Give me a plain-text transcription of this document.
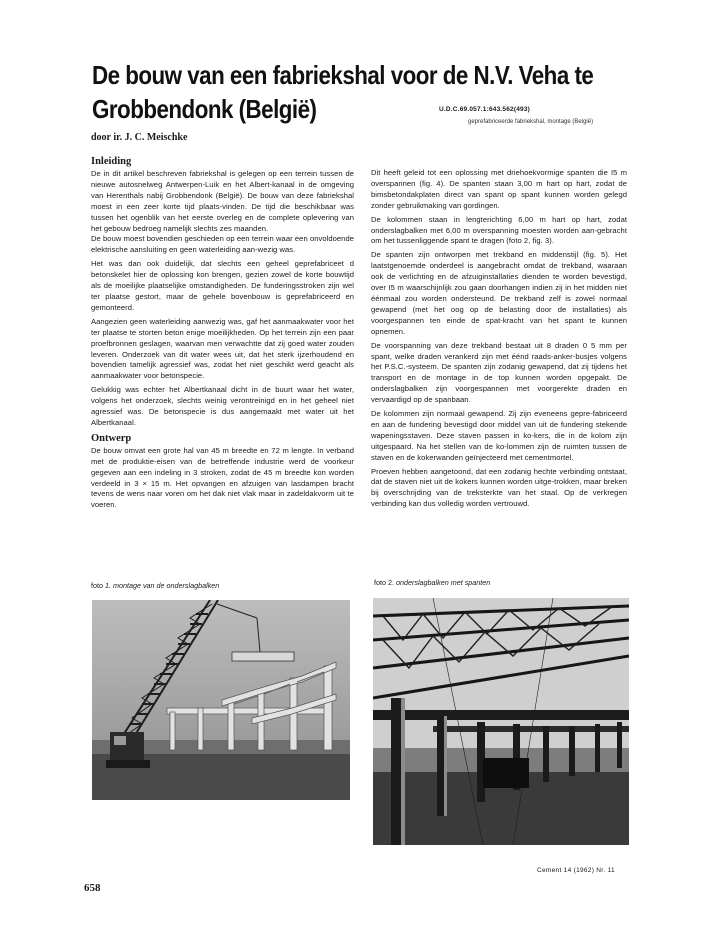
De bouw van een fabriekshal voor de N.V. Veha te
Grobbendonk (België)	U.D.C.69.057.1:643.562(493)
geprefabriceerde fabriekshal, montage (België)
door ir. J. C. Meischke
Inleiding
De in dit artikel beschreven fabriekshal is gelegen op een terrein tussen de nieuwe autosnelweg Antwerpen-Luik en het Albert-kanaal in de omgeving van Herenthals nabij Grobbendonk (België). De bouw van deze fabriekshal moest in een zeer korte tijd plaats-vinden. De tijd die beschikbaar was tussen het ogenblik van het eerste overleg en de complete oplevering van het gebouw bedroeg namelijk slechts zes maanden.
De bouw moest bovendien geschieden op een terrein waar een onvoldoende elektrische aansluiting en geen waterleiding aan-wezig was.
Het was dan ook duidelijk, dat slechts een geheel geprefabriceet d betonskelet hier de oplossing kon brengen, gezien zowel de korte bouwtijd als de moeilijke plaatselijke omstandigheden. De funderingsstroken zijn wel ter plaatse gestort, maar de gehele bovenbouw is geprefabriceerd en gemonteerd.
Aangezien geen waterleiding aanwezig was, gaf het aanmaakwater voor het ter plaatse te storten beton enige moeilijkheden. Op het terrein zijn een paar proefbronnen geslagen, waarvan men verwachtte dat zij goed water zouden leveren. Onderzoek van dit water wees uit, dat het sterk ijzerhoudend en bovendien tamelijk agressief was, zodat het niet geschikt werd geacht als aanmaakwater voor betonspecie.
Gelukkig was echter het Albertkanaal dicht in de buurt waar het water, volgens het onderzoek, slechts weinig verontreinigd en in het geheel niet agressief was. De betonspecie is dus aangemaakt met water uit het Albertkanaal.
Ontwerp
De bouw omvat een grote hal van 45 m breedte en 72 m lengte. In verband met de produktie-eisen van de betreffende industrie werd de voorkeur gegeven aan een indeling in 3 stroken, zodat de 45 m breedte kon worden verdeeld in 3 × 15 m. Het opvangen en afzuigen van lasdampen bracht tevens de wens naar voren om het dak niet vlak maar in zadeldakvorm uit te voeren.
Dit heeft geleid tot een oplossing met driehoekvormige spanten die I5 m overspannen (fig. 4). De spanten staan 3,00 m hart op hart, zodat de bimsbetondakplaten direct van spant op spant kunnen worden gelegd zonder gebruikmaking van gordingen.
De kolommen staan in lengterichting 6,00 m hart op hart, zodat onderslagbalken met 6,00 m overspanning moesten worden aan-gebracht om het tussenliggende spant te dragen (foto 2, fig. 3).
De spanten zijn ontworpen met trekband en middenstijl (fig. 5). Het laatstgenoemde onderdeel is aangebracht omdat de trekband, waaraan ook de verlichting en de afzuiginstallaties dienden te worden bevestigd, over I5 m waarschijnlijk zou gaan doorhangen indien zij in het midden niet éénmaal zou worden ondersteund. De trekband zelf is zowel normaal gewapend (met het oog op de belasting door de installaties) als voorgespannen ten einde de spat-kracht van het spant te kunnen opnemen.
De voorspanning van deze trekband bestaat uit 8 draden 0 5 mm per spant, welke draden verankerd zijn met éénd raads-anker-busjes volgens het P.S.C.-systeem. De spanten zijn zodanig gewapend, dat zij tijdens het transport en de montage in de top kunnen worden opgepakt. De onderslagbalken zijn voorgespannen met voorgerekte draden en vervaardigd op de spanbaan.
De kolommen zijn normaal gewapend. Zij zijn eveneens gepre-fabriceerd en aan de fundering bevestigd door middel van uit de fundering stekende wapeningsstaven. Deze staven passen in ko-kers, die in de kolom zijn uitgespaard. Na het stellen van de ko-lommen zijn de ruimten tussen de staven en de kokerwanden geïnjecteerd met cementmortel.
Proeven hebben aangetoond, dat een zodanig hechte verbinding ontstaat, dat de staven niet uit de kokers kunnen worden uitge-trokken, maar breken bij overschrijding van de treksterkte van het staal. Op de verkregen verbinding kan dus volledig worden vertrouwd.
foto 1. montage van de onderslagbalken	foto 2. onderslagbalken met spanten
Cement 14 (1962) Nr. 11
658
